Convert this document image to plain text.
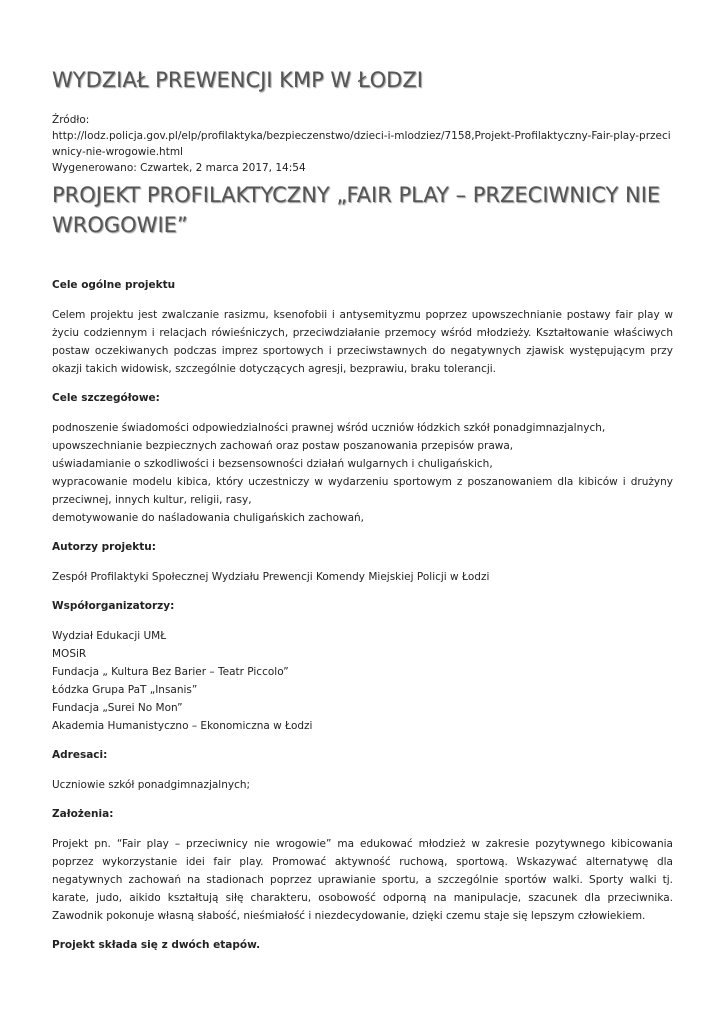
WYDZIAŁ PREWENCJI KMP W ŁODZI
Źródło:
http://lodz.policja.gov.pl/elp/profilaktyka/bezpieczenstwo/dzieci-i-mlodziez/7158,Projekt-Profilaktyczny-Fair-play-przeciwnicy-nie-wrogowie.html
Wygenerowano: Czwartek, 2 marca 2017, 14:54
PROJEKT PROFILAKTYCZNY „FAIR PLAY – PRZECIWNICY NIE WROGOWIE”
Cele ogólne projektu

Celem projektu jest zwalczanie rasizmu, ksenofobii i antysemityzmu poprzez upowszechnianie postawy fair play w życiu codziennym i relacjach rówieśniczych, przeciwdziałanie przemocy wśród młodzieży. Kształtowanie właściwych postaw oczekiwanych podczas imprez sportowych i przeciwstawnych do negatywnych zjawisk występującym przy okazji takich widowisk, szczególnie dotyczących agresji, bezprawiu, braku tolerancji.

Cele szczegółowe:
podnoszenie świadomości odpowiedzialności prawnej wśród uczniów łódzkich szkół ponadgimnazjalnych,
upowszechnianie bezpiecznych zachowań oraz postaw poszanowania przepisów prawa,
uświadamianie o szkodliwości i bezsensowności działań wulgarnych i chuligańskich,
wypracowanie modelu kibica, który uczestniczy w wydarzeniu sportowym z poszanowaniem dla kibiców i drużyny przeciwnej, innych kultur, religii, rasy,
demotywowanie do naśladowania chuligańskich zachowań,
Autorzy projektu:

Zespół Profilaktyki Społecznej Wydziału Prewencji Komendy Miejskiej Policji w Łodzi

Współorganizatorzy:
Wydział Edukacji UMŁ
MOSiR
Fundacja „ Kultura Bez Barier – Teatr Piccolo”
Łódzka Grupa PaT „Insanis”
Fundacja „Surei No Mon”
Akademia Humanistyczno – Ekonomiczna w Łodzi
Adresaci:

Uczniowie szkół ponadgimnazjalnych;

Założenia:

Projekt pn. “Fair play – przeciwnicy nie wrogowie” ma edukować młodzież w zakresie pozytywnego kibicowania poprzez wykorzystanie idei fair play. Promować aktywność ruchową, sportową. Wskazywać alternatywę dla negatywnych zachowań na stadionach poprzez uprawianie sportu, a szczególnie sportów walki. Sporty walki tj. karate, judo, aikido kształtują siłę charakteru, osobowość odporną na manipulacje, szacunek dla przeciwnika. Zawodnik pokonuje własną słabość, nieśmiałość i niezdecydowanie, dzięki czemu staje się lepszym człowiekiem.

Projekt składa się z dwóch etapów.
